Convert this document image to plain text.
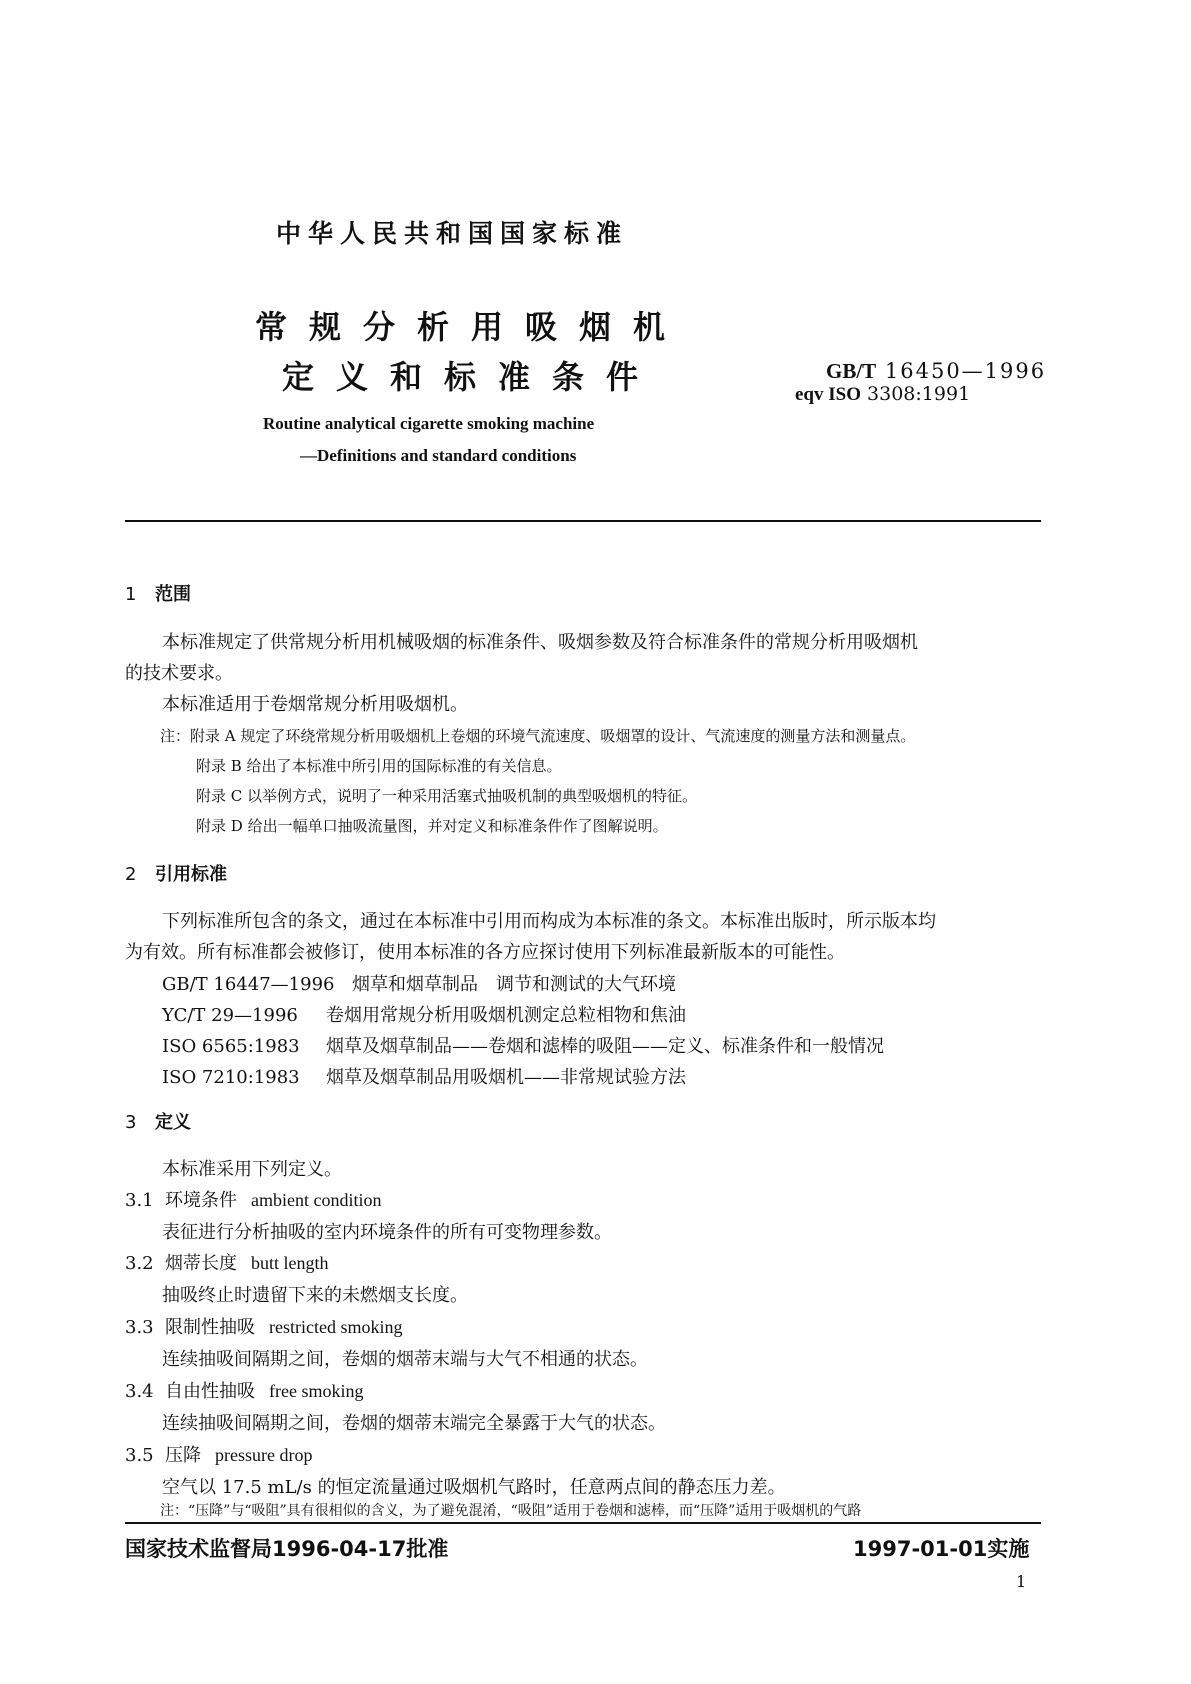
中华人民共和国国家标准
常规分析用吸烟机
定义和标准条件	GB/T 16450—1996
eqv ISO 3308:1991
Routine analytical cigarette smoking machine
—Definitions and standard conditions
1 范围
本标准规定了供常规分析用机械吸烟的标准条件、吸烟参数及符合标准条件的常规分析用吸烟机
的技术要求。
本标准适用于卷烟常规分析用吸烟机。
注：附录 A 规定了环绕常规分析用吸烟机上卷烟的环境气流速度、吸烟罩的设计、气流速度的测量方法和测量点。
附录 B 给出了本标准中所引用的国际标准的有关信息。
附录 C 以举例方式，说明了一种采用活塞式抽吸机制的典型吸烟机的特征。
附录 D 给出一幅单口抽吸流量图，并对定义和标准条件作了图解说明。
2 引用标准
下列标准所包含的条文，通过在本标准中引用而构成为本标准的条文。本标准出版时，所示版本均
为有效。所有标准都会被修订，使用本标准的各方应探讨使用下列标准最新版本的可能性。
GB/T 16447—1996 烟草和烟草制品　调节和测试的大气环境
YC/T 29—1996 卷烟用常规分析用吸烟机测定总粒相物和焦油
ISO 6565:1983 烟草及烟草制品——卷烟和滤棒的吸阻——定义、标准条件和一般情况
ISO 7210:1983 烟草及烟草制品用吸烟机——非常规试验方法
3 定义
本标准采用下列定义。
3.1 环境条件 ambient condition
表征进行分析抽吸的室内环境条件的所有可变物理参数。
3.2 烟蒂长度 butt length
抽吸终止时遗留下来的未燃烟支长度。
3.3 限制性抽吸 restricted smoking
连续抽吸间隔期之间，卷烟的烟蒂末端与大气不相通的状态。
3.4 自由性抽吸 free smoking
连续抽吸间隔期之间，卷烟的烟蒂末端完全暴露于大气的状态。
3.5 压降 pressure drop
空气以 17.5 mL/s 的恒定流量通过吸烟机气路时，任意两点间的静态压力差。
注：“压降”与“吸阻”具有很相似的含义，为了避免混淆，“吸阻”适用于卷烟和滤棒，而“压降”适用于吸烟机的气路
国家技术监督局1996-04-17批准	1997-01-01实施
1
